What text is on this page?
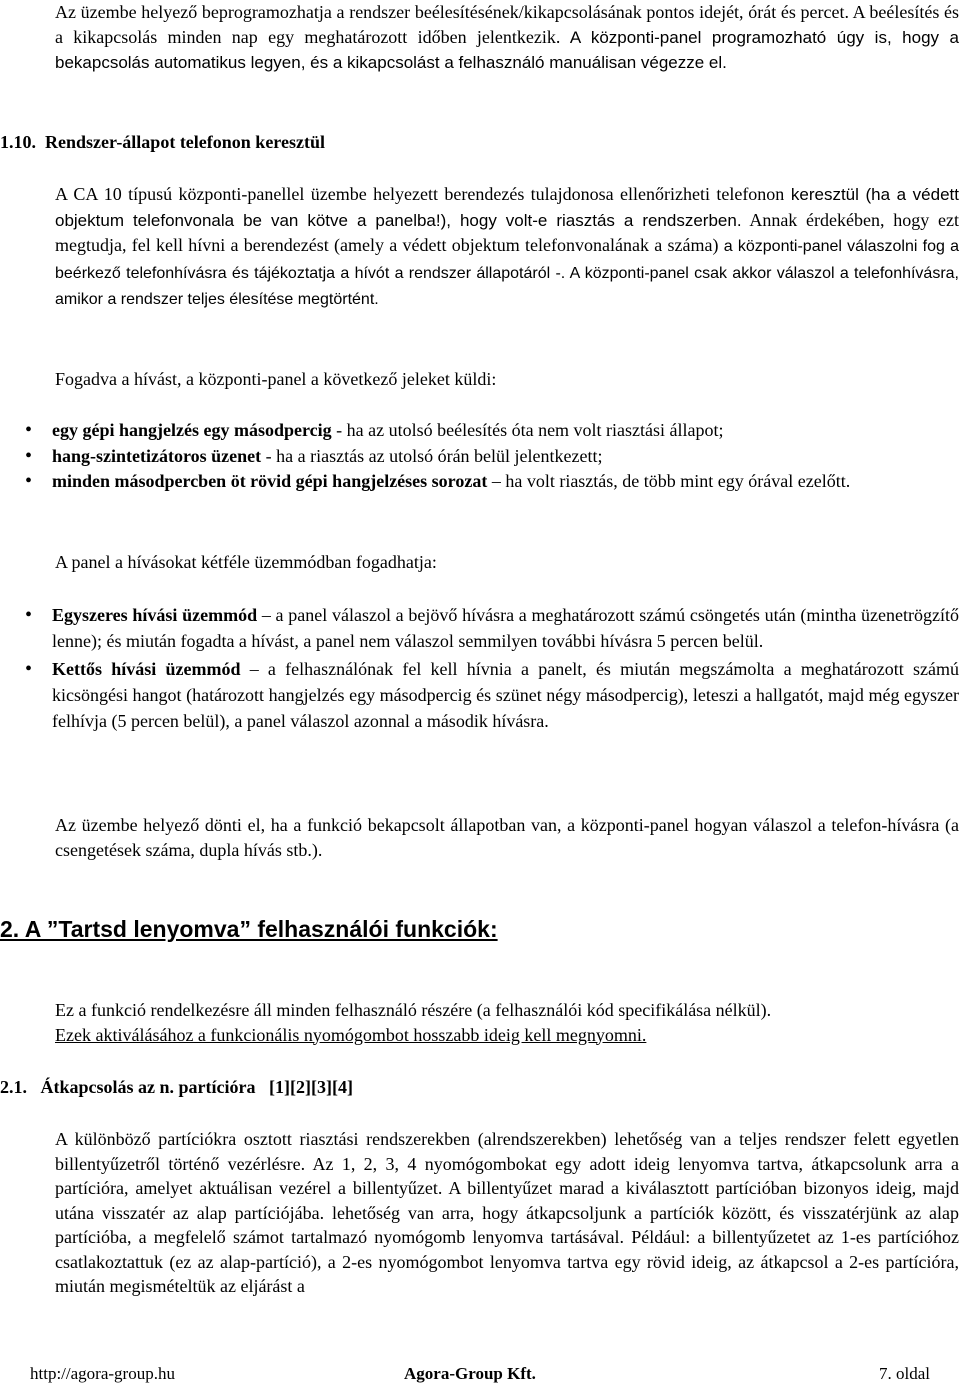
Az üzembe helyező beprogramozhatja a rendszer beélesítésének/kikapcsolásának pontos idejét, órát és percet. A beélesítés és a kikapcsolás minden nap egy meghatározott időben jelentkezik. A központi-panel programozható úgy is, hogy a bekapcsolás automatikus legyen, és a kikapcsolást a felhasználó manuálisan végezze el.

1.10. Rendszer-állapot telefonon keresztül

A CA 10 típusú központi-panellel üzembe helyezett berendezés tulajdonosa ellenőrizheti telefonon keresztül (ha a védett objektum telefonvonala be van kötve a panelba!), hogy volt-e riasztás a rendszerben. Annak érdekében, hogy ezt megtudja, fel kell hívni a berendezést (amely a védett objektum telefonvonalának a száma) a központi-panel válaszolni fog a beérkező telefonhívásra és tájékoztatja a hívót a rendszer állapotáról -. A központi-panel csak akkor válaszol a telefonhívásra, amikor a rendszer teljes élesítése megtörtént.

Fogadva a hívást, a központi-panel a következő jeleket küldi:

• egy gépi hangjelzés egy másodpercig - ha az utolsó beélesítés óta nem volt riasztási állapot;
• hang-szintetizátoros üzenet - ha a riasztás az utolsó órán belül jelentkezett;
• minden másodpercben öt rövid gépi hangjelzéses sorozat – ha volt riasztás, de több mint egy órával ezelőtt.

A panel a hívásokat kétféle üzemmódban fogadhatja:

• Egyszeres hívási üzemmód – a panel válaszol a bejövő hívásra a meghatározott számú csöngetés után (mintha üzenetrögzítő lenne); és miután fogadta a hívást, a panel nem válaszol semmilyen további hívásra 5 percen belül.
• Kettős hívási üzemmód – a felhasználónak fel kell hívnia a panelt, és miután megszámolta a meghatározott számú kicsöngési hangot (határozott hangjelzés egy másodpercig és szünet négy másodpercig), leteszi a hallgatót, majd még egyszer felhívja (5 percen belül), a panel válaszol azonnal a második hívásra.

Az üzembe helyező dönti el, ha a funkció bekapcsolt állapotban van, a központi-panel hogyan válaszol a telefon-hívásra (a csengetések száma, dupla hívás stb.).

2. A ”Tartsd lenyomva” felhasználói funkciók:

Ez a funkció rendelkezésre áll minden felhasználó részére (a felhasználói kód specifikálása nélkül).
Ezek aktiválásához a funkcionális nyomógombot hosszabb ideig kell megnyomni.

2.1. Átkapcsolás az n. partícióra   [1][2][3][4]

A különböző partíciókra osztott riasztási rendszerekben (alrendszerekben) lehetőség van a teljes rendszer felett egyetlen billentyűzetről történő vezérlésre. Az 1, 2, 3, 4 nyomógombokat egy adott ideig lenyomva tartva, átkapcsolunk arra a partícióra, amelyet aktuálisan vezérel a billentyűzet. A billentyűzet marad a kiválasztott partícióban bizonyos ideig, majd utána visszatér az alap partíciójába. lehetőség van arra, hogy átkapcsoljunk a partíciók között, és visszatérjünk az alap partícióba, a megfelelő számot tartalmazó nyomógomb lenyomva tartásával. Például: a billentyűzetet az 1-es partícióhoz csatlakoztattuk (ez az alap-partíció), a 2-es nyomógombot lenyomva tartva egy rövid ideig, az átkapcsol a 2-es partícióra, miután megismételtük az eljárást a

http://agora-group.hu	Agora-Group Kft.	7. oldal
